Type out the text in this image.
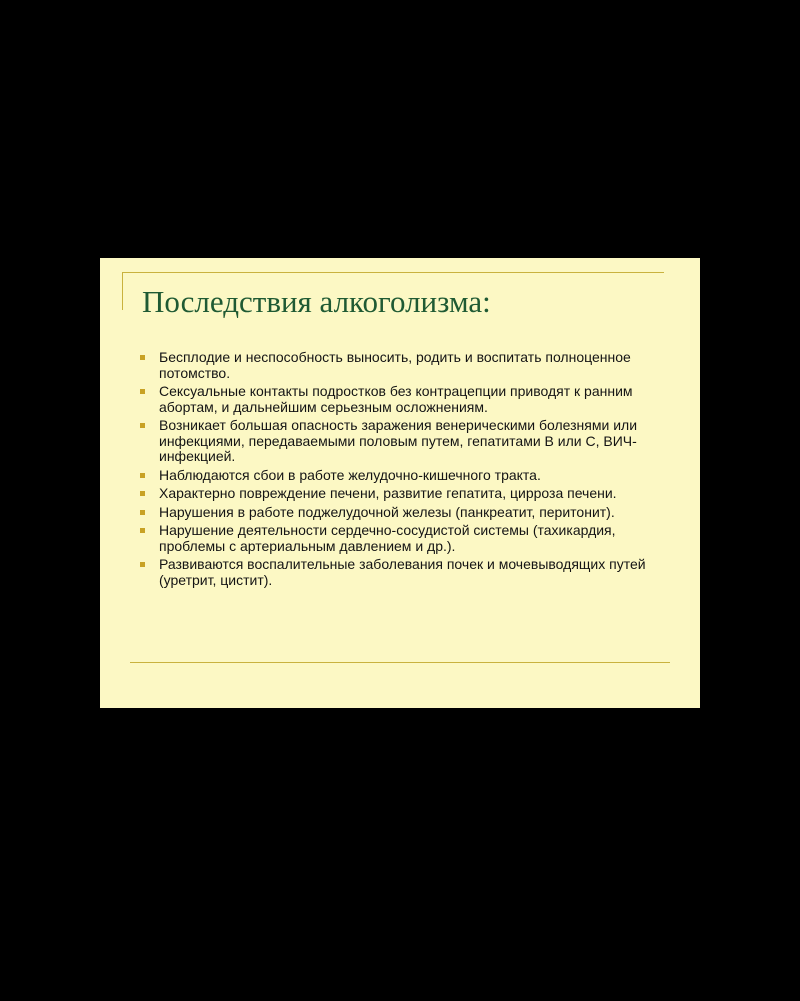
Последствия алкоголизма:
Бесплодие и неспособность выносить, родить и воспитать полноценное потомство.
Сексуальные контакты подростков без контрацепции приводят к ранним абортам, и дальнейшим серьезным осложнениям.
Возникает большая опасность заражения венерическими болезнями или инфекциями, передаваемыми половым путем, гепатитами В или С, ВИЧ-инфекцией.
Наблюдаются сбои в работе желудочно-кишечного тракта.
Характерно повреждение печени, развитие гепатита, цирроза печени.
Нарушения в работе поджелудочной железы (панкреатит, перитонит).
Нарушение деятельности сердечно-сосудистой системы (тахикардия, проблемы с артериальным давлением и др.).
Развиваются воспалительные заболевания почек и мочевыводящих путей (уретрит, цистит).
